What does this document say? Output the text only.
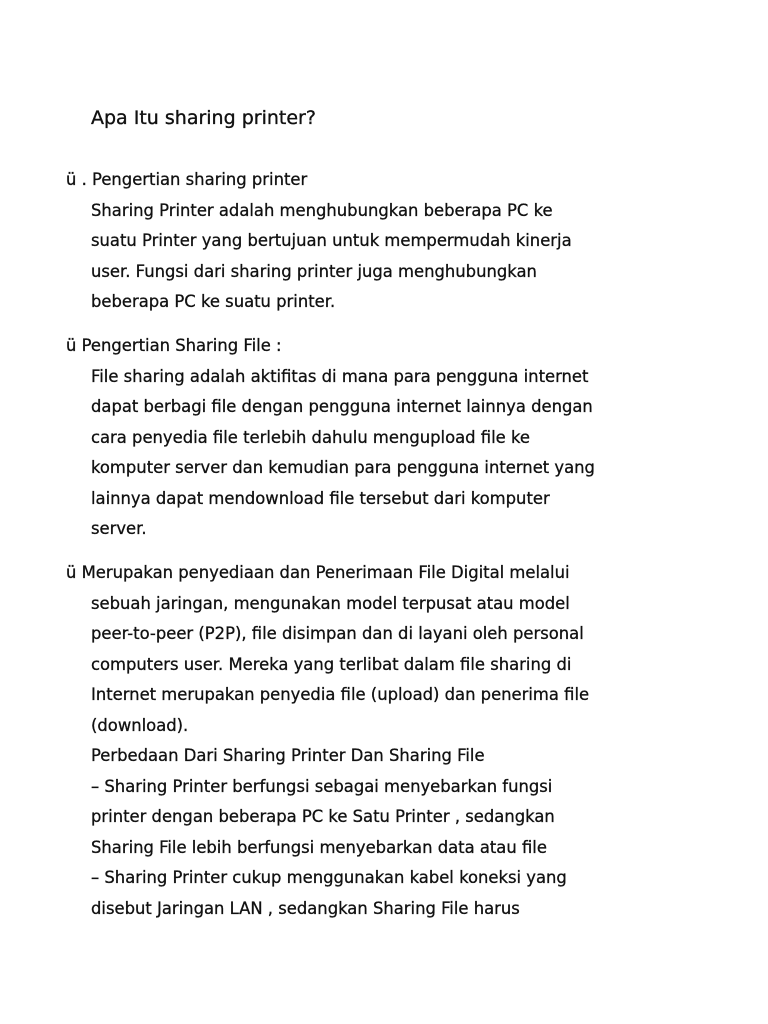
Apa Itu sharing printer?
ü . Pengertian sharing printer
Sharing Printer adalah menghubungkan beberapa PC ke
suatu Printer yang bertujuan untuk mempermudah kinerja
user. Fungsi dari sharing printer juga menghubungkan
beberapa PC ke suatu printer.
ü Pengertian Sharing File :
File sharing adalah aktifitas di mana para pengguna internet
dapat berbagi file dengan pengguna internet lainnya dengan
cara penyedia file terlebih dahulu mengupload file ke
komputer server dan kemudian para pengguna internet yang
lainnya dapat mendownload file tersebut dari komputer
server.
ü Merupakan penyediaan dan Penerimaan File Digital melalui
sebuah jaringan, mengunakan model terpusat atau model
peer-to-peer (P2P), file disimpan dan di layani oleh personal
computers user. Mereka yang terlibat dalam file sharing di
Internet merupakan penyedia file (upload) dan penerima file
(download).
Perbedaan Dari Sharing Printer Dan Sharing File
– Sharing Printer berfungsi sebagai menyebarkan fungsi
printer dengan beberapa PC ke Satu Printer , sedangkan
Sharing File lebih berfungsi menyebarkan data atau file
– Sharing Printer cukup menggunakan kabel koneksi yang
disebut Jaringan LAN , sedangkan Sharing File harus
